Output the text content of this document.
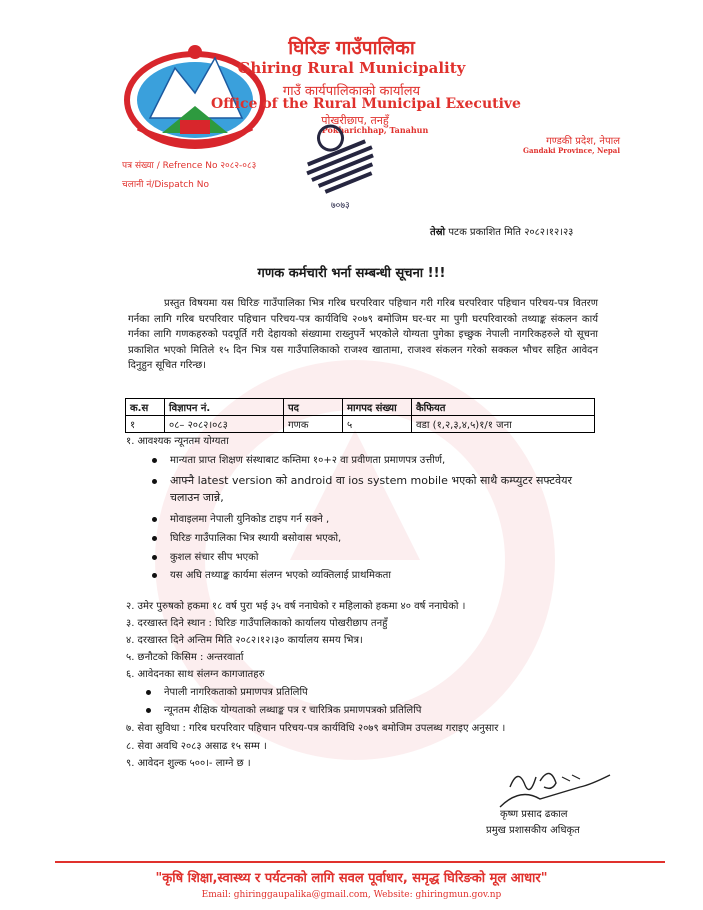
घिरिङ गाउँपालिका
Ghiring Rural Municipality
गाउँ कार्यपालिकाको कार्यालय
Office of the Rural Municipal Executive
पोखरीछाप, तनहुँ
Pokharichhap, Tanahun
गण्डकी प्रदेश, नेपाल
Gandaki Province, Nepal
पत्र संख्या / Refrence No २०८२-०८३
चलानी नं/Dispatch No
७०७३
तेस्रो पटक प्रकाशित मिति २०८२।१२।२३
गणक कर्मचारी भर्ना सम्बन्धी सूचना !!!
प्रस्तुत विषयमा यस घिरिङ गाउँपालिका भित्र गरिब घरपरिवार पहिचान गरी गरिब घरपरिवार पहिचान परिचय-पत्र वितरण गर्नका लागि गरिब घरपरिवार पहिचान परिचय-पत्र कार्यविधि २०७९ बमोजिम घर-घर मा पुगी घरपरिवारको तथ्याङ्क संकलन कार्य गर्नका लागि गणकहरुको पदपूर्ति गरी देहायको संख्यामा राख्नुपर्ने भएकोले योग्यता पुगेका इच्छुक नेपाली नागरिकहरुले यो सूचना प्रकाशित भएको मितिले १५ दिन भित्र यस गाउँपालिकाको राजश्व खातामा, राजश्व संकलन गरेको सक्कल भौचर सहित आवेदन दिनुहुन सूचित गरिन्छ।
क.स	विज्ञापन नं.	पद	मागपद संख्या	कैफियत
१	०८– २०८२।०८३	गणक	५	वडा (१,२,३,४,५)१/१ जना
१. आवश्यक न्यूनतम योग्यता
मान्यता प्राप्त शिक्षण संस्थाबाट कम्तिमा १०+२ वा प्रवीणता प्रमाणपत्र उत्तीर्ण,
आफ्नै latest version को android वा ios system mobile भएको साथै कम्प्युटर सफ्टवेयर चलाउन जान्ने,
मोवाइलमा नेपाली युनिकोड टाइप गर्न सक्ने ,
घिरिङ गाउँपालिका भित्र स्थायी बसोवास भएको,
कुशल संचार सीप भएको
यस अघि तथ्याङ्क कार्यमा संलग्न भएको व्यक्तिलाई प्राथमिकता
२. उमेर पुरुषको हकमा १८ वर्ष पुरा भई ३५ वर्ष ननाघेको र महिलाको हकमा ४० वर्ष ननाघेको ।
३. दरखास्त दिने स्थान : घिरिङ गाउँपालिकाको कार्यालय पोखरीछाप तनहुँ
४. दरखास्त दिने अन्तिम मिति २०८२।१२।३० कार्यालय समय भित्र।
५. छनौटको किसिम : अन्तरवार्ता
६. आवेदनका साथ संलग्न कागजातहरु
नेपाली नागरिकताको प्रमाणपत्र प्रतिलिपि
न्यूनतम शैक्षिक योग्यताको लब्धाङ्क पत्र र चारित्रिक प्रमाणपत्रको प्रतिलिपि
७. सेवा सुविधा : गरिब घरपरिवार पहिचान परिचय-पत्र कार्यविधि २०७९ बमोजिम उपलब्ध गराइए अनुसार ।
८. सेवा अवधि २०८३ असाढ १५ सम्म ।
९. आवेदन शुल्क ५००।- लाग्ने छ ।
कृष्ण प्रसाद ढकाल
प्रमुख प्रशासकीय अधिकृत
"कृषि शिक्षा,स्वास्थ्य र पर्यटनको लागि सवल पूर्वाधार, समृद्ध घिरिङको मूल आधार"
Email: ghiringgaupalika@gmail.com, Website: ghiringmun.gov.np
